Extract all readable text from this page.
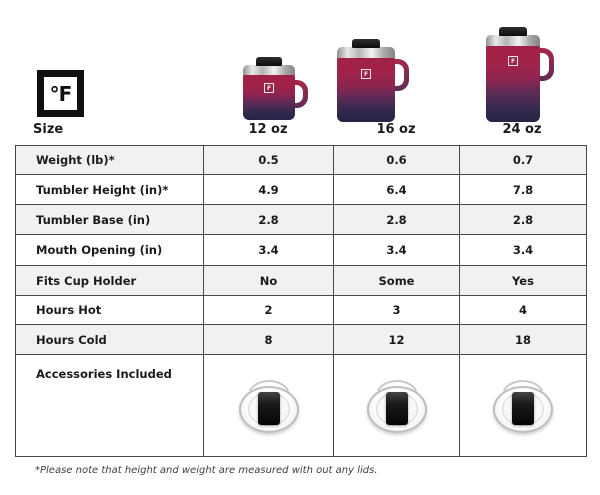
°F
Size	12 oz	16 oz	24 oz
F
F
F
Weight (lb)*	0.5	0.6	0.7
Tumbler Height (in)*	4.9	6.4	7.8
Tumbler Base (in)	2.8	2.8	2.8
Mouth Opening (in)	3.4	3.4	3.4
Fits Cup Holder	No	Some	Yes
Hours Hot	2	3	4
Hours Cold	8	12	18
Accessories Included
*Please note that height and weight are measured with out any lids.
